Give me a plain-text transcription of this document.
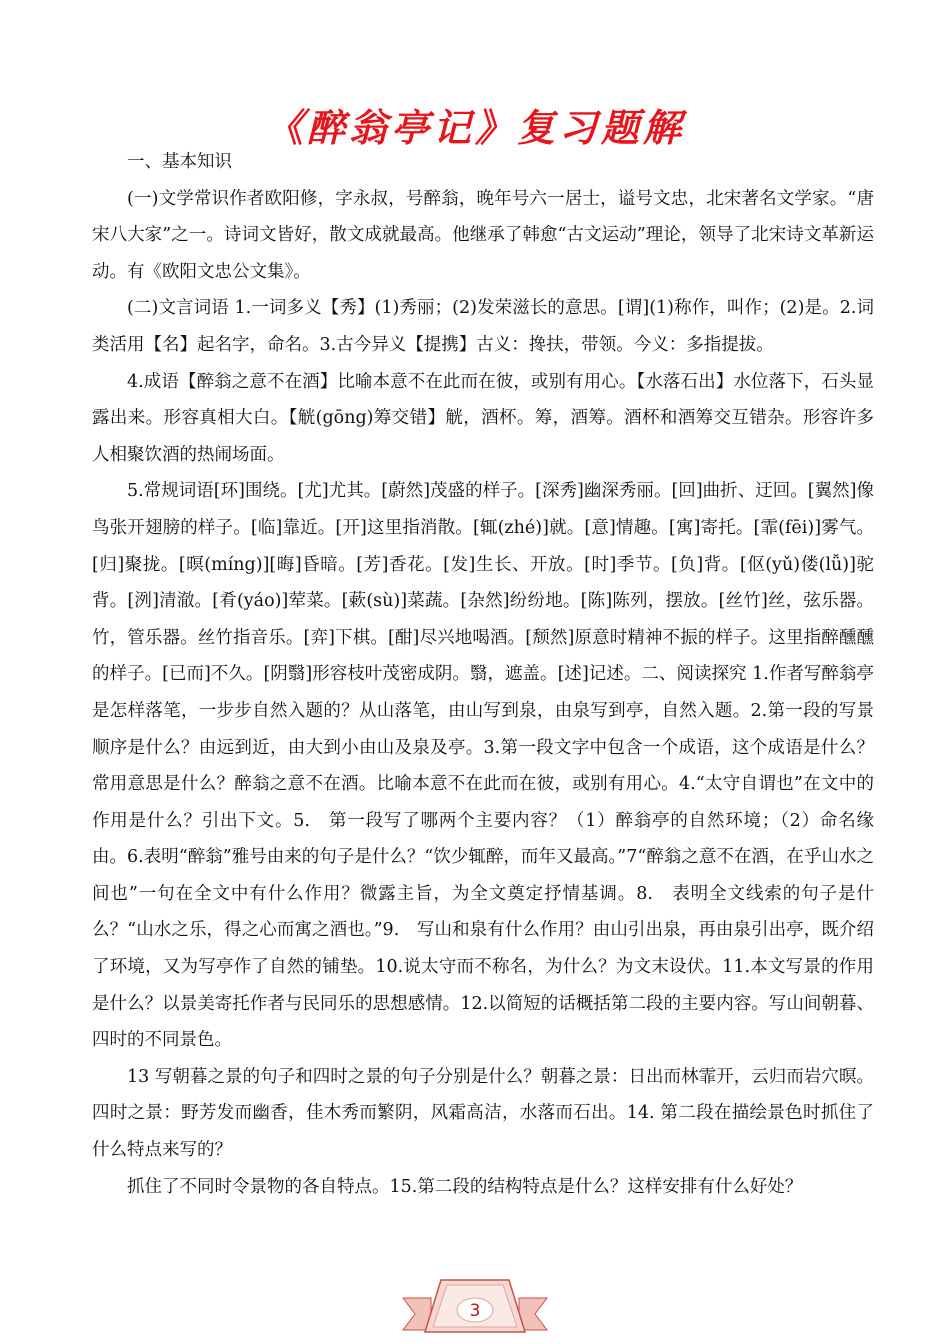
《醉翁亭记》复习题解

一、基本知识

(一)文学常识作者欧阳修，字永叔，号醉翁，晚年号六一居士，谥号文忠，北宋著名文学家。“唐宋八大家”之一。诗词文皆好，散文成就最高。他继承了韩愈“古文运动”理论，领导了北宋诗文革新运动。有《欧阳文忠公文集》。

(二)文言词语 1.一词多义【秀】(1)秀丽；(2)发荣滋长的意思。[谓](1)称作，叫作；(2)是。2.词类活用【名】起名字，命名。3.古今异义【提携】古义：搀扶，带领。今义：多指提拔。

4.成语【醉翁之意不在酒】比喻本意不在此而在彼，或别有用心。【水落石出】水位落下，石头显露出来。形容真相大白。【觥(gōng)筹交错】觥，酒杯。筹，酒筹。酒杯和酒筹交互错杂。形容许多人相聚饮酒的热闹场面。

5.常规词语[环]围绕。[尤]尤其。[蔚然]茂盛的样子。[深秀]幽深秀丽。[回]曲折、迂回。[翼然]像鸟张开翅膀的样子。[临]靠近。[开]这里指消散。[辄(zhé)]就。[意]情趣。[寓]寄托。[霏(fēi)]雾气。[归]聚拢。[暝(míng)][晦]昏暗。[芳]香花。[发]生长、开放。[时]季节。[负]背。[伛(yǔ)偻(lǚ)]驼背。[洌]清澈。[肴(yáo)]荤菜。[蔌(sù)]菜蔬。[杂然]纷纷地。[陈]陈列，摆放。[丝竹]丝，弦乐器。竹，管乐器。丝竹指音乐。[弈]下棋。[酣]尽兴地喝酒。[颓然]原意时精神不振的样子。这里指醉醺醺的样子。[已而]不久。[阴翳]形容枝叶茂密成阴。翳，遮盖。[述]记述。二、阅读探究 1.作者写醉翁亭是怎样落笔，一步步自然入题的？从山落笔，由山写到泉，由泉写到亭，自然入题。2.第一段的写景顺序是什么？由远到近，由大到小由山及泉及亭。3.第一段文字中包含一个成语，这个成语是什么？常用意思是什么？醉翁之意不在酒。比喻本意不在此而在彼，或别有用心。4.“太守自谓也”在文中的作用是什么？引出下文。5.　第一段写了哪两个主要内容？（1）醉翁亭的自然环境；（2）命名缘由。6.表明“醉翁”雅号由来的句子是什么？“饮少辄醉，而年又最高。”7“醉翁之意不在酒，在乎山水之间也”一句在全文中有什么作用？微露主旨，为全文奠定抒情基调。8.　表明全文线索的句子是什么？“山水之乐，得之心而寓之酒也。”9.　写山和泉有什么作用？由山引出泉，再由泉引出亭，既介绍了环境，又为写亭作了自然的铺垫。10.说太守而不称名，为什么？为文末设伏。11.本文写景的作用是什么？以景美寄托作者与民同乐的思想感情。12.以简短的话概括第二段的主要内容。写山间朝暮、四时的不同景色。

13 写朝暮之景的句子和四时之景的句子分别是什么？朝暮之景：日出而林霏开，云归而岩穴暝。四时之景：野芳发而幽香，佳木秀而繁阴，风霜高洁，水落而石出。14. 第二段在描绘景色时抓住了什么特点来写的？

抓住了不同时令景物的各自特点。15.第二段的结构特点是什么？这样安排有什么好处？

3
